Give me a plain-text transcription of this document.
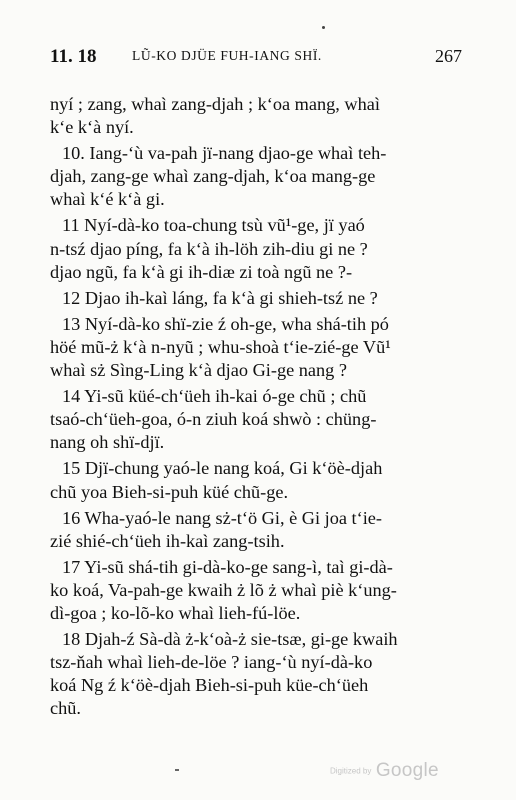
11. 18	LŨ-KO DJÜE FUH-IANG SHÏ.	267
nyí ; zang, whaì zang-djah ; k‘oa mang, whaì
k‘e k‘à nyí.
10. Iang-‘ù va-pah jï-nang djao-ge whaì teh-
djah, zang-ge whaì zang-djah, k‘oa mang-ge
whaì k‘é k‘à gi.
11 Nyí-dà-ko toa-chung tsù vũ¹-ge, jï yaó
n-tsź djao píng, fa k‘à ih-löh zih-diu gi ne ?
djao ngũ, fa k‘à gi ih-diæ zi toà ngũ ne ?-
12 Djao ih-kaì láng, fa k‘à gi shieh-tsź ne ?
13 Nyí-dà-ko shï-zie ź oh-ge, wha shá-tih pó
höé mũ-ż k‘à n-nyũ ; whu-shoà t‘ie-zié-ge Vũ¹
whaì sż Sìng-Ling k‘à djao Gi-ge nang ?
14 Yi-sũ küé-ch‘üeh ih-kai ó-ge chũ ; chũ
tsaó-ch‘üeh-goa, ó-n ziuh koá shwò : chüng-
nang oh shï-djï.
15 Djï-chung yaó-le nang koá, Gi k‘öè-djah
chũ yoa Bieh-si-puh küé chũ-ge.
16 Wha-yaó-le nang sż-t‘ö Gi, è Gi joa t‘ie-
zié shié-ch‘üeh ih-kaì zang-tsih.
17 Yi-sũ shá-tih gi-dà-ko-ge sang-ì, taì gi-dà-
ko koá, Va-pah-ge kwaih ż lõ ż whaì piè k‘ung-
dì-goa ; ko-lõ-ko whaì lieh-fú-löe.
18 Djah-ź Sà-dà ż-k‘oà-ż sie-tsæ, gi-ge kwaih
tsz-ňah whaì lieh-de-löe ? iang-‘ù nyí-dà-ko
koá Ng ź k‘öè-djah Bieh-si-puh küe-ch‘üeh
chũ.
Digitized by Google
